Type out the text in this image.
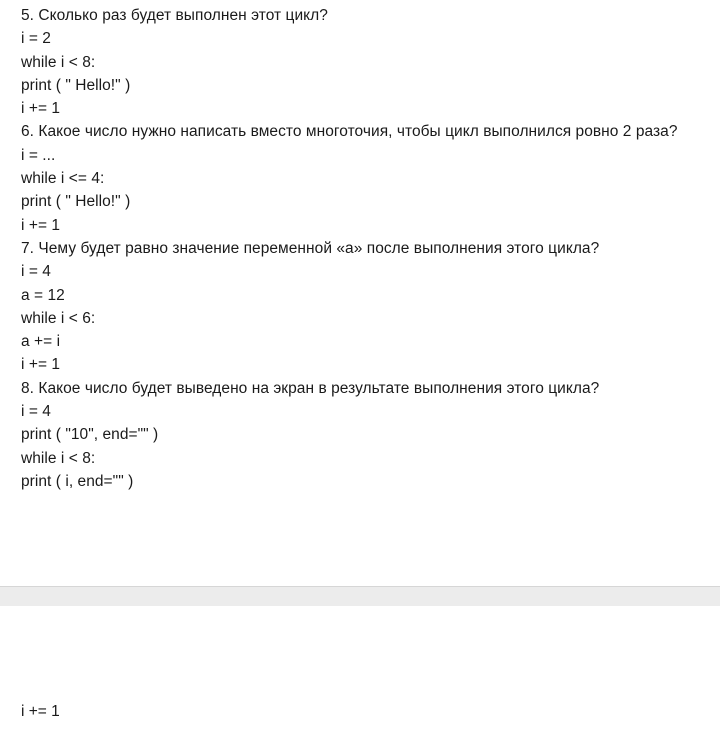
5. Сколько раз будет выполнен этот цикл?
i = 2
while i < 8:
print ( " Hello!" )
i += 1
6. Какое число нужно написать вместо многоточия, чтобы цикл выполнился ровно 2 раза?
i = ...
while i <= 4:
print ( " Hello!" )
i += 1
7. Чему будет равно значение переменной «а» после выполнения этого цикла?
i = 4
a = 12
while i < 6:
a += i
i += 1
8. Какое число будет выведено на экран в результате выполнения этого цикла?
i = 4
print ( "10", end="" )
while i < 8:
print ( i, end="" )
i += 1
